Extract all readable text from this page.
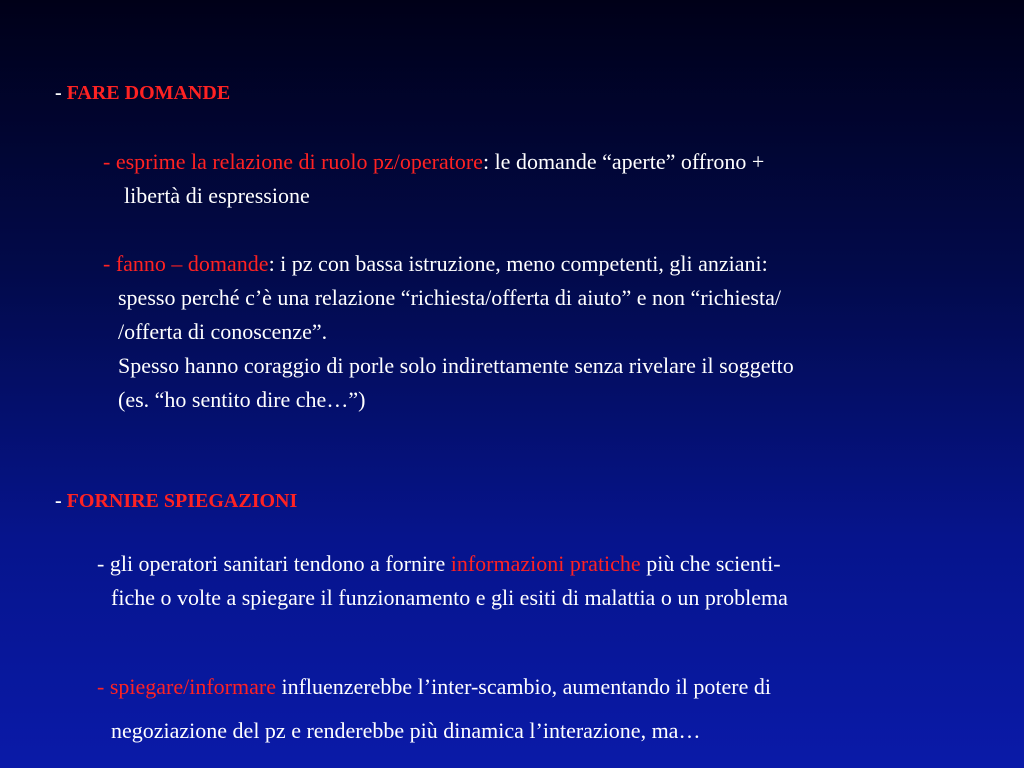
- FARE DOMANDE
- esprime la relazione di ruolo pz/operatore: le domande “aperte” offrono +
libertà di espressione
- fanno – domande: i pz con bassa istruzione, meno competenti, gli anziani:
spesso perché c’è una relazione “richiesta/offerta di aiuto” e non “richiesta/
/offerta di conoscenze”.
Spesso hanno coraggio di porle solo indirettamente senza rivelare il soggetto
(es. “ho sentito dire che…”)
- FORNIRE SPIEGAZIONI
- gli operatori sanitari tendono a fornire informazioni pratiche più che scienti-
fiche o volte a spiegare il funzionamento e gli esiti di malattia o un problema
- spiegare/informare influenzerebbe l’inter-scambio, aumentando il potere di
negoziazione del pz e renderebbe più dinamica l’interazione, ma…
